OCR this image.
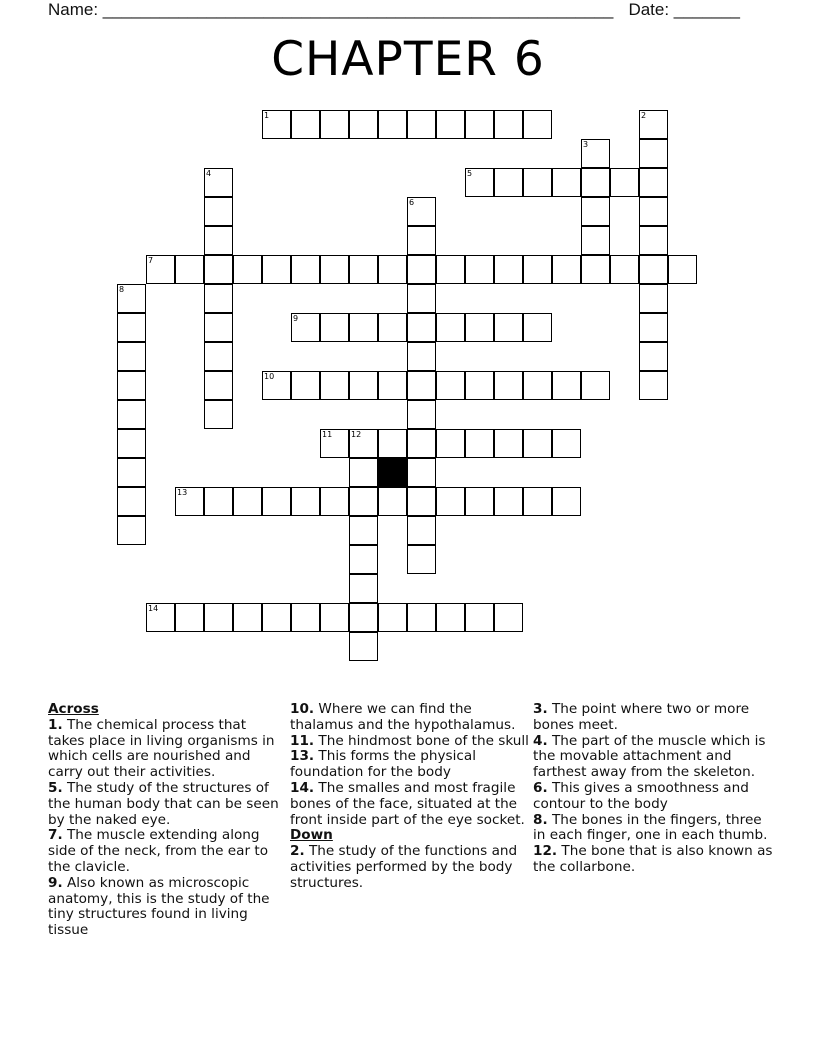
Name: ______________________________________________________ Date: _______
CHAPTER 6
1	2
3
4	5
6
7
8
9
10
11 12
13
14
Across
1. The chemical process that takes place in living organisms in which cells are nourished and carry out their activities.
5. The study of the structures of the human body that can be seen by the naked eye.
7. The muscle extending along side of the neck, from the ear to the clavicle.
9. Also known as microscopic anatomy, this is the study of the tiny structures found in living tissue
10. Where we can find the thalamus and the hypothalamus.
11. The hindmost bone of the skull
13. This forms the physical foundation for the body
14. The smalles and most fragile bones of the face, situated at the front inside part of the eye socket.
Down
2. The study of the functions and activities performed by the body structures.
3. The point where two or more bones meet.
4. The part of the muscle which is the movable attachment and farthest away from the skeleton.
6. This gives a smoothness and contour to the body
8. The bones in the fingers, three in each finger, one in each thumb.
12. The bone that is also known as the collarbone.
